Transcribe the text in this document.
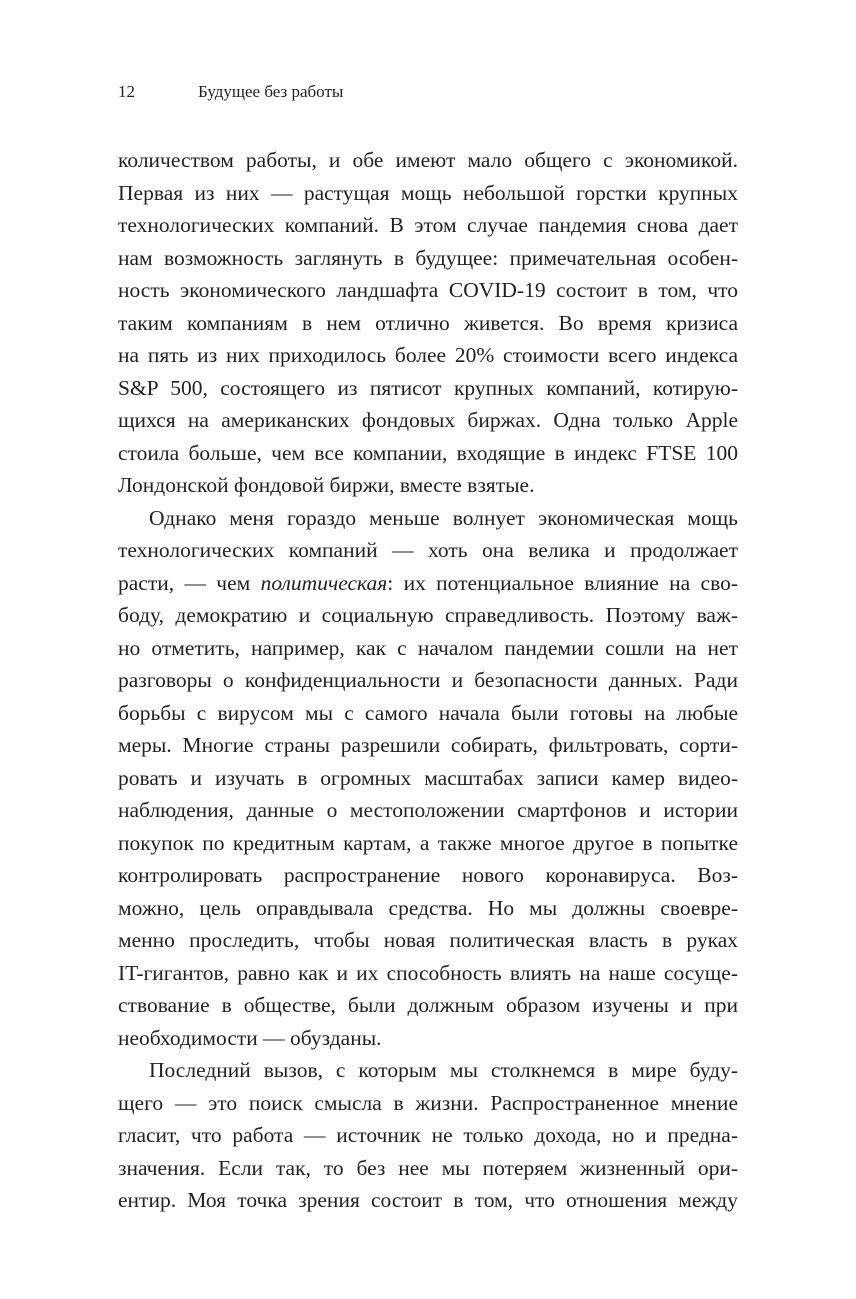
12	Будущее без работы
количеством работы, и обе имеют мало общего с экономикой.
Первая из них — растущая мощь небольшой горстки крупных
технологических компаний. В этом случае пандемия снова дает
нам возможность заглянуть в будущее: примечательная особен-
ность экономического ландшафта COVID-19 состоит в том, что
таким компаниям в нем отлично живется. Во время кризиса
на пять из них приходилось более 20% стоимости всего индекса
S&P 500, состоящего из пятисот крупных компаний, котирую-
щихся на американских фондовых биржах. Одна только Apple
стоила больше, чем все компании, входящие в индекс FTSE 100
Лондонской фондовой биржи, вместе взятые.
Однако меня гораздо меньше волнует экономическая мощь
технологических компаний — хоть она велика и продолжает
расти, — чем политическая: их потенциальное влияние на сво-
боду, демократию и социальную справедливость. Поэтому важ-
но отметить, например, как с началом пандемии сошли на нет
разговоры о конфиденциальности и безопасности данных. Ради
борьбы с вирусом мы с самого начала были готовы на любые
меры. Многие страны разрешили собирать, фильтровать, сорти-
ровать и изучать в огромных масштабах записи камер видео-
наблюдения, данные о местоположении смартфонов и истории
покупок по кредитным картам, а также многое другое в попытке
контролировать распространение нового коронавируса. Воз-
можно, цель оправдывала средства. Но мы должны своевре-
менно проследить, чтобы новая политическая власть в руках
IT-гигантов, равно как и их способность влиять на наше сосуще-
ствование в обществе, были должным образом изучены и при
необходимости — обузданы.
Последний вызов, с которым мы столкнемся в мире буду-
щего — это поиск смысла в жизни. Распространенное мнение
гласит, что работа — источник не только дохода, но и предна-
значения. Если так, то без нее мы потеряем жизненный ори-
ентир. Моя точка зрения состоит в том, что отношения между
